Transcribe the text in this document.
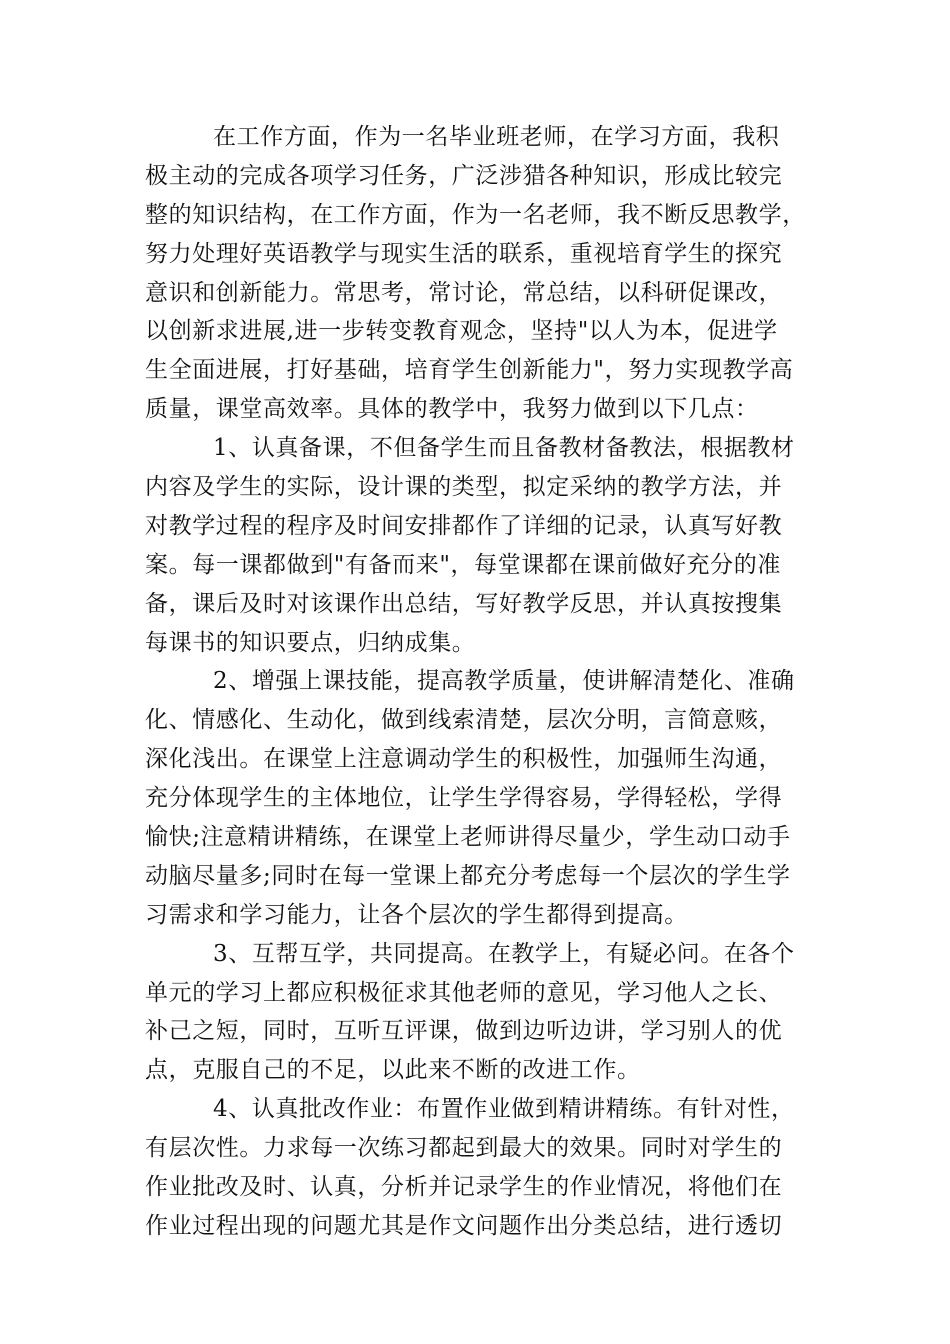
在工作方面，作为一名毕业班老师，在学习方面，我积
极主动的完成各项学习任务，广泛涉猎各种知识，形成比较完
整的知识结构，在工作方面，作为一名老师，我不断反思教学，
努力处理好英语教学与现实生活的联系，重视培育学生的探究
意识和创新能力。常思考，常讨论，常总结，以科研促课改，
以创新求进展,进一步转变教育观念，坚持"以人为本，促进学
生全面进展，打好基础，培育学生创新能力"，努力实现教学高
质量，课堂高效率。具体的教学中，我努力做到以下几点：
1、认真备课，不但备学生而且备教材备教法，根据教材
内容及学生的实际，设计课的类型，拟定采纳的教学方法，并
对教学过程的程序及时间安排都作了详细的记录，认真写好教
案。每一课都做到"有备而来"，每堂课都在课前做好充分的准
备，课后及时对该课作出总结，写好教学反思，并认真按搜集
每课书的知识要点，归纳成集。
2、增强上课技能，提高教学质量，使讲解清楚化、准确
化、情感化、生动化，做到线索清楚，层次分明，言简意赅，
深化浅出。在课堂上注意调动学生的积极性，加强师生沟通，
充分体现学生的主体地位，让学生学得容易，学得轻松，学得
愉快;注意精讲精练，在课堂上老师讲得尽量少，学生动口动手
动脑尽量多;同时在每一堂课上都充分考虑每一个层次的学生学
习需求和学习能力，让各个层次的学生都得到提高。
3、互帮互学，共同提高。在教学上，有疑必问。在各个
单元的学习上都应积极征求其他老师的意见，学习他人之长、
补己之短，同时，互听互评课，做到边听边讲，学习别人的优
点，克服自己的不足，以此来不断的改进工作。
4、认真批改作业：布置作业做到精讲精练。有针对性，
有层次性。力求每一次练习都起到最大的效果。同时对学生的
作业批改及时、认真，分析并记录学生的作业情况，将他们在
作业过程出现的问题尤其是作文问题作出分类总结，进行透切
